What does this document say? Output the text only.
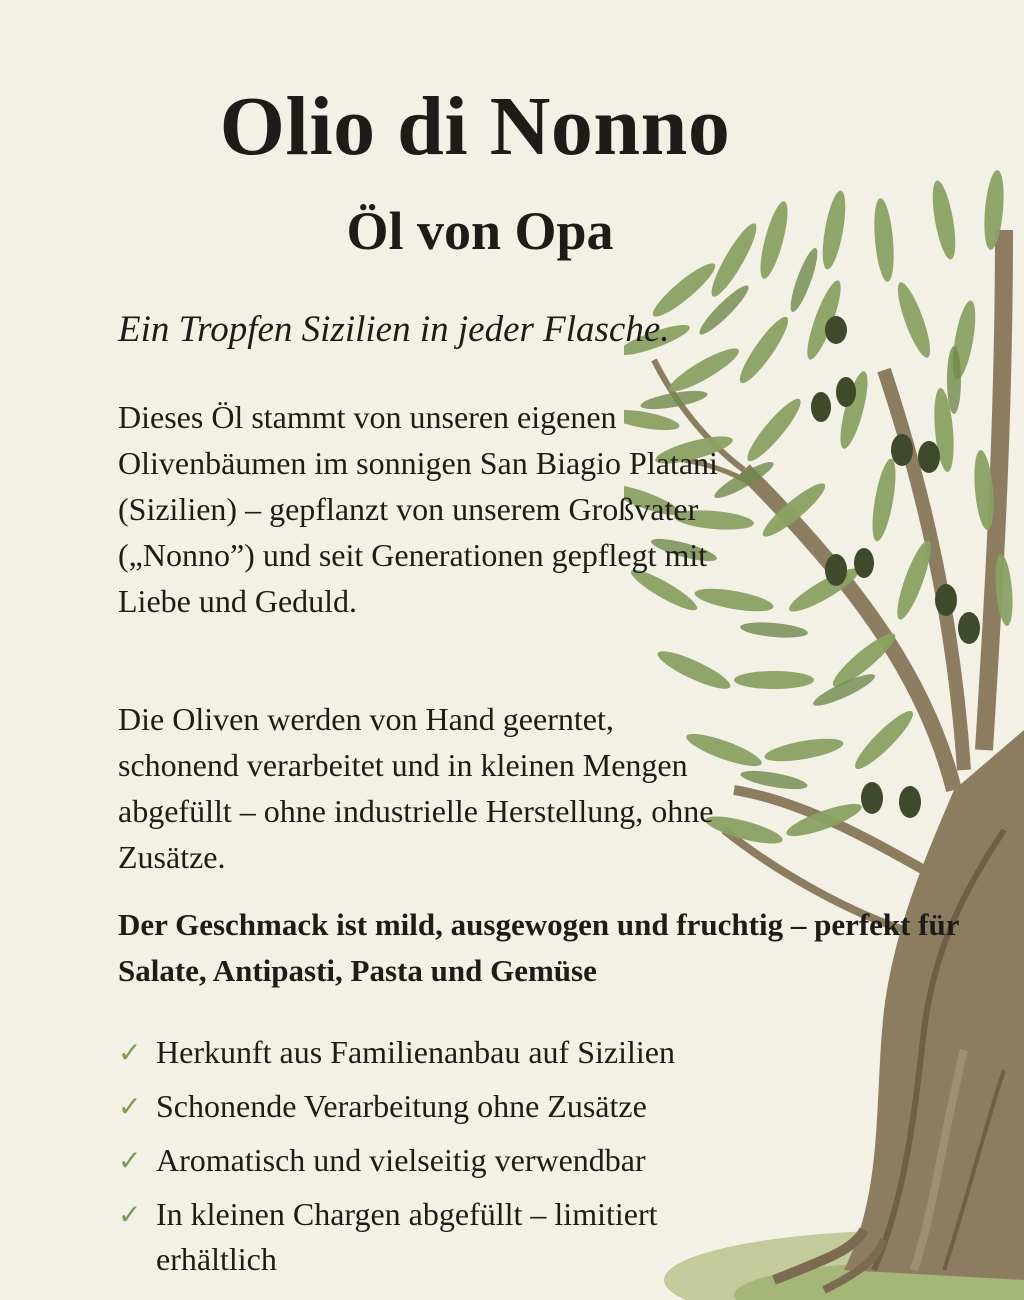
Olio di Nonno
Öl von Opa

Ein Tropfen Sizilien in jeder Flasche.

Dieses Öl stammt von unseren eigenen Olivenbäumen im sonnigen San Biagio Platani (Sizilien) – gepflanzt von unserem Großvater („Nonno”) und seit Generationen gepflegt mit Liebe und Geduld.

Die Oliven werden von Hand geerntet, schonend verarbeitet und in kleinen Mengen abgefüllt – ohne industrielle Herstellung, ohne Zusätze.

Der Geschmack ist mild, ausgewogen und fruchtig – perfekt für Salate, Antipasti, Pasta und Gemüse

✓ Herkunft aus Familienanbau auf Sizilien
✓ Schonende Verarbeitung ohne Zusätze
✓ Aromatisch und vielseitig verwendbar
✓ In kleinen Chargen abgefüllt – limitiert erhältlich
